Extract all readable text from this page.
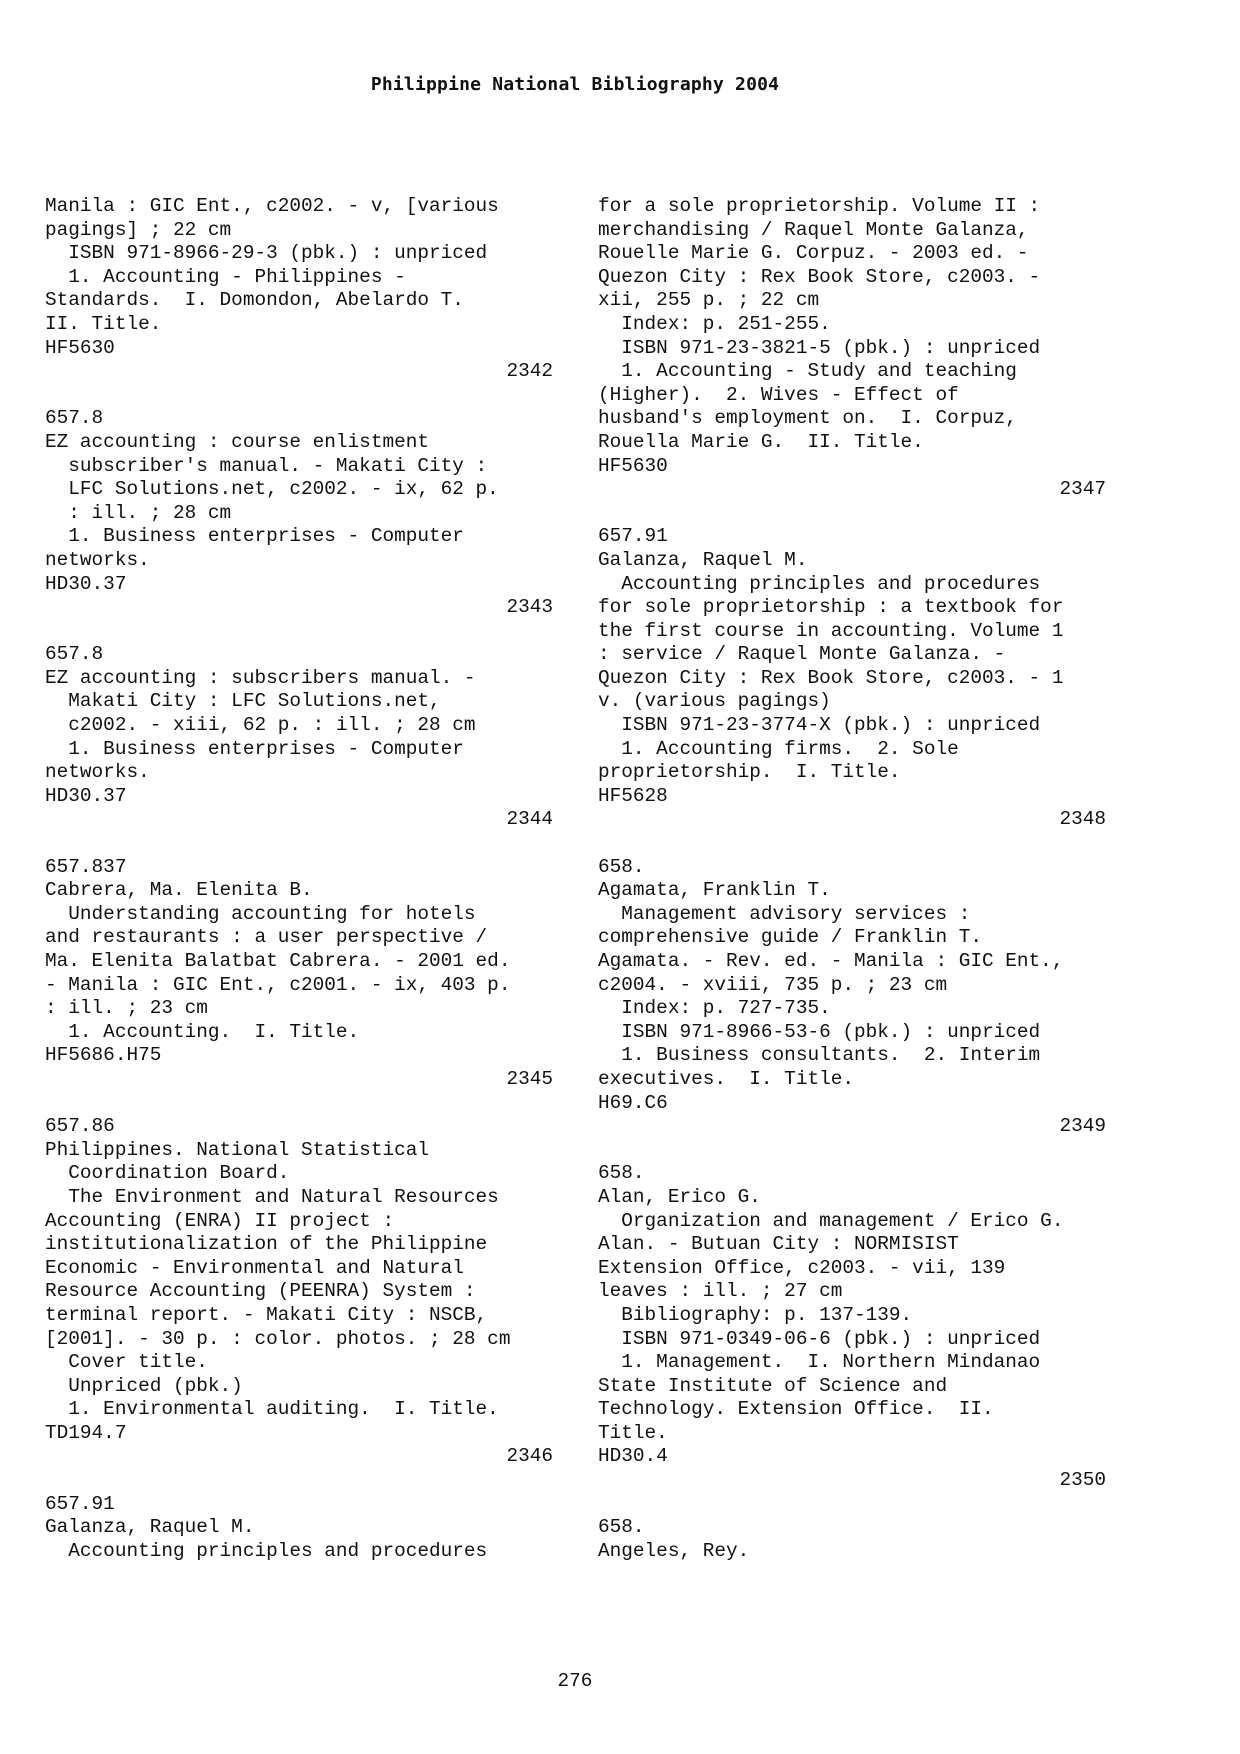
Philippine National Bibliography 2004
Manila : GIC Ent., c2002. - v, [various
pagings] ; 22 cm
ISBN 971-8966-29-3 (pbk.) : unpriced
1. Accounting - Philippines -
Standards.  I. Domondon, Abelardo T.
II. Title.
HF5630
2342
657.8
EZ accounting : course enlistment
subscriber's manual. - Makati City :
LFC Solutions.net, c2002. - ix, 62 p.
: ill. ; 28 cm
1. Business enterprises - Computer
networks.
HD30.37
2343
657.8
EZ accounting : subscribers manual. -
Makati City : LFC Solutions.net,
c2002. - xiii, 62 p. : ill. ; 28 cm
1. Business enterprises - Computer
networks.
HD30.37
2344
657.837
Cabrera, Ma. Elenita B.
Understanding accounting for hotels
and restaurants : a user perspective /
Ma. Elenita Balatbat Cabrera. - 2001 ed.
- Manila : GIC Ent., c2001. - ix, 403 p.
: ill. ; 23 cm
1. Accounting.  I. Title.
HF5686.H75
2345
657.86
Philippines. National Statistical
Coordination Board.
The Environment and Natural Resources
Accounting (ENRA) II project :
institutionalization of the Philippine
Economic - Environmental and Natural
Resource Accounting (PEENRA) System :
terminal report. - Makati City : NSCB,
[2001]. - 30 p. : color. photos. ; 28 cm
Cover title.
Unpriced (pbk.)
1. Environmental auditing.  I. Title.
TD194.7
2346
657.91
Galanza, Raquel M.
Accounting principles and procedures
for a sole proprietorship. Volume II :
merchandising / Raquel Monte Galanza,
Rouelle Marie G. Corpuz. - 2003 ed. -
Quezon City : Rex Book Store, c2003. -
xii, 255 p. ; 22 cm
Index: p. 251-255.
ISBN 971-23-3821-5 (pbk.) : unpriced
1. Accounting - Study and teaching
(Higher).  2. Wives - Effect of
husband's employment on.  I. Corpuz,
Rouella Marie G.  II. Title.
HF5630
2347
657.91
Galanza, Raquel M.
Accounting principles and procedures
for sole proprietorship : a textbook for
the first course in accounting. Volume 1
: service / Raquel Monte Galanza. -
Quezon City : Rex Book Store, c2003. - 1
v. (various pagings)
ISBN 971-23-3774-X (pbk.) : unpriced
1. Accounting firms.  2. Sole
proprietorship.  I. Title.
HF5628
2348
658.
Agamata, Franklin T.
Management advisory services :
comprehensive guide / Franklin T.
Agamata. - Rev. ed. - Manila : GIC Ent.,
c2004. - xviii, 735 p. ; 23 cm
Index: p. 727-735.
ISBN 971-8966-53-6 (pbk.) : unpriced
1. Business consultants.  2. Interim
executives.  I. Title.
H69.C6
2349
658.
Alan, Erico G.
Organization and management / Erico G.
Alan. - Butuan City : NORMISIST
Extension Office, c2003. - vii, 139
leaves : ill. ; 27 cm
Bibliography: p. 137-139.
ISBN 971-0349-06-6 (pbk.) : unpriced
1. Management.  I. Northern Mindanao
State Institute of Science and
Technology. Extension Office.  II.
Title.
HD30.4
2350
658.
Angeles, Rey.
276
